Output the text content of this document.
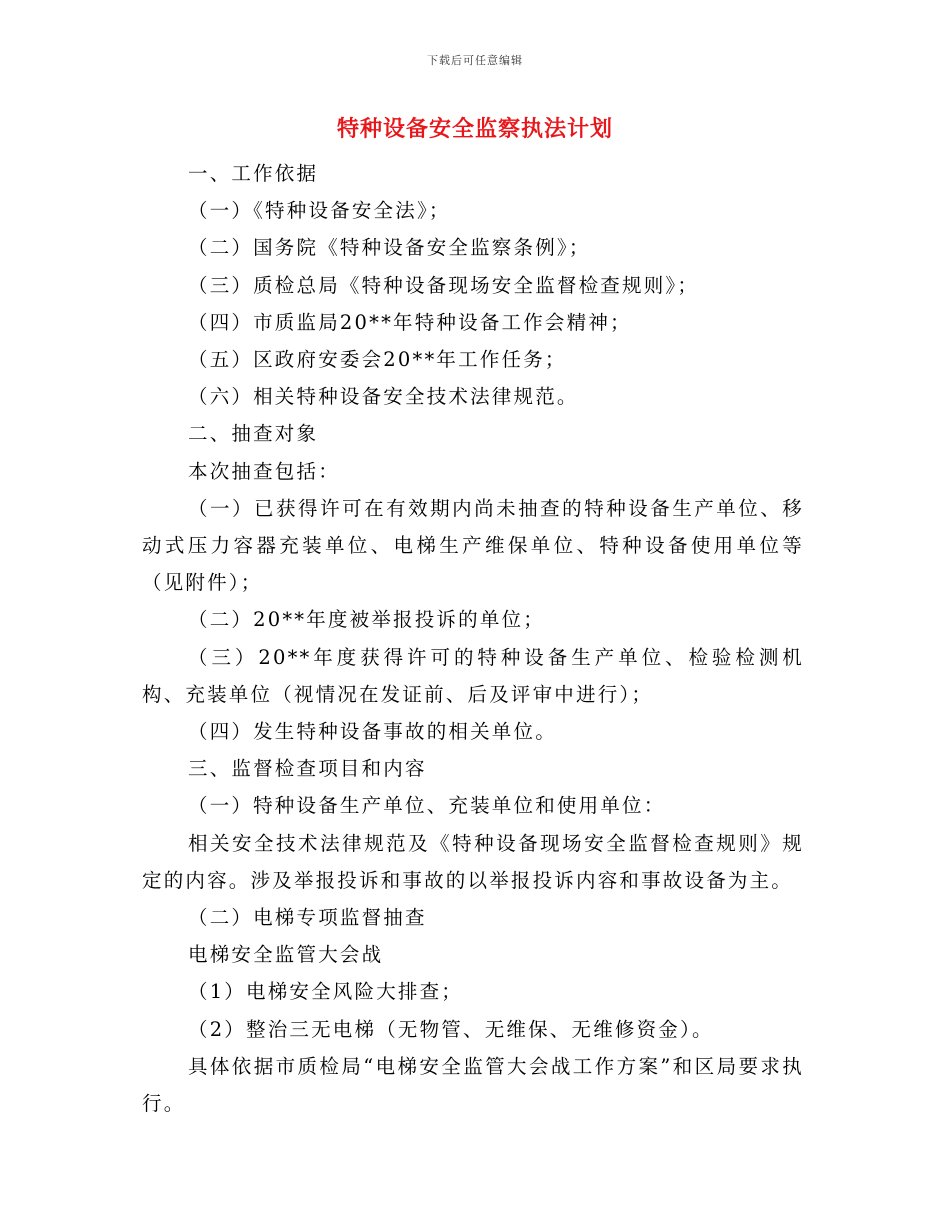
下载后可任意编辑
特种设备安全监察执法计划

一、工作依据

（一）《特种设备安全法》；

（二）国务院《特种设备安全监察条例》；

（三）质检总局《特种设备现场安全监督检查规则》；

（四）市质监局20**年特种设备工作会精神；

（五）区政府安委会20**年工作任务；

（六）相关特种设备安全技术法律规范。

二、抽查对象

本次抽查包括：

（一）已获得许可在有效期内尚未抽查的特种设备生产单位、移动式压力容器充装单位、电梯生产维保单位、特种设备使用单位等（见附件）；

（二）20**年度被举报投诉的单位；

（三）20**年度获得许可的特种设备生产单位、检验检测机构、充装单位（视情况在发证前、后及评审中进行）；

（四）发生特种设备事故的相关单位。

三、监督检查项目和内容

（一）特种设备生产单位、充装单位和使用单位：

相关安全技术法律规范及《特种设备现场安全监督检查规则》规定的内容。涉及举报投诉和事故的以举报投诉内容和事故设备为主。

（二）电梯专项监督抽查

电梯安全监管大会战

（1）电梯安全风险大排查；

（2）整治三无电梯（无物管、无维保、无维修资金）。

具体依据市质检局“电梯安全监管大会战工作方案”和区局要求执行。
